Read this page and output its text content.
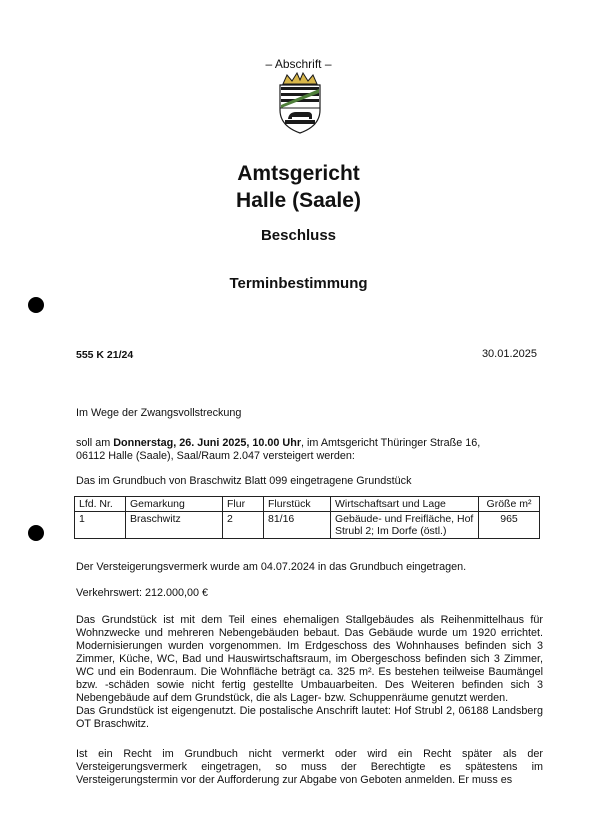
– Abschrift –
Amtsgericht
Halle (Saale)
Beschluss
Terminbestimmung
555 K 21/24	30.01.2025
Im Wege der Zwangsvollstreckung
soll am Donnerstag, 26. Juni 2025, 10.00 Uhr, im Amtsgericht Thüringer Straße 16,
06112 Halle (Saale), Saal/Raum 2.047 versteigert werden:
Das im Grundbuch von Braschwitz Blatt 099 eingetragene Grundstück
Lfd. Nr.	Gemarkung	Flur	Flurstück	Wirtschaftsart und Lage	Größe m²
1	Braschwitz	2	81/16	Gebäude- und Freifläche, Hof Strubl 2; Im Dorfe (östl.)	965
Der Versteigerungsvermerk wurde am 04.07.2024 in das Grundbuch eingetragen.
Verkehrswert: 212.000,00 €
Das Grundstück ist mit dem Teil eines ehemaligen Stallgebäudes als Reihenmittelhaus für Wohnzwecke und mehreren Nebengebäuden bebaut. Das Gebäude wurde um 1920 errichtet. Modernisierungen wurden vorgenommen. Im Erdgeschoss des Wohnhauses befinden sich 3 Zimmer, Küche, WC, Bad und Hauswirtschaftsraum, im Obergeschoss befinden sich 3 Zimmer, WC und ein Bodenraum. Die Wohnfläche beträgt ca. 325 m². Es bestehen teilweise Baumängel bzw. -schäden sowie nicht fertig gestellte Umbauarbeiten. Des Weiteren befinden sich 3 Nebengebäude auf dem Grundstück, die als Lager- bzw. Schuppenräume genutzt werden.
Das Grundstück ist eigengenutzt. Die postalische Anschrift lautet: Hof Strubl 2, 06188 Landsberg OT Braschwitz.
Ist ein Recht im Grundbuch nicht vermerkt oder wird ein Recht später als der Versteigerungsvermerk eingetragen, so muss der Berechtigte es spätestens im Versteigerungstermin vor der Aufforderung zur Abgabe von Geboten anmelden. Er muss es
